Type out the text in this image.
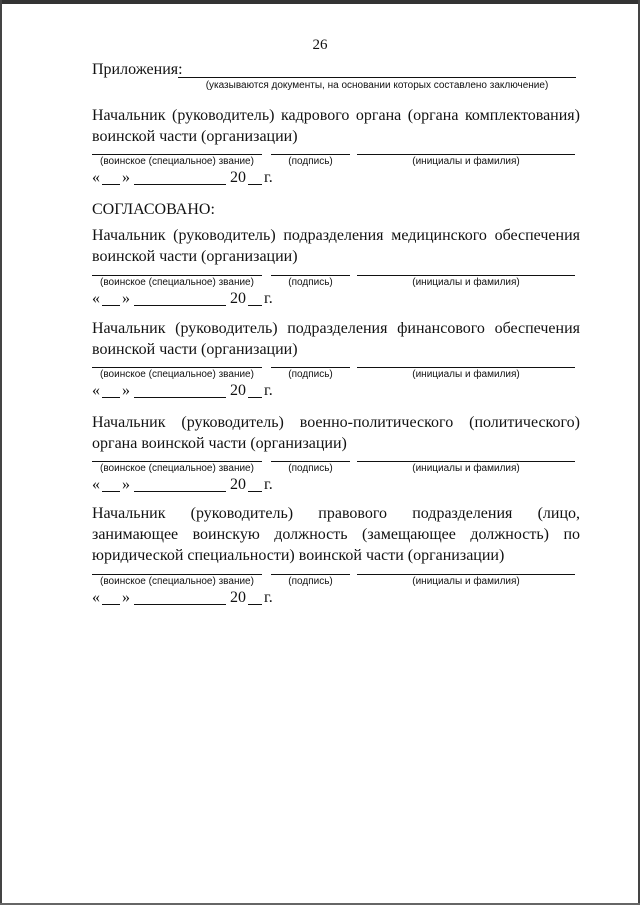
26
Приложения:
(указываются документы, на основании которых составлено заключение)
Начальник (руководитель) кадрового органа (органа комплектования) воинской части (организации)
(воинское (специальное) звание)	(подпись)	(инициалы и фамилия)
« »	20 г.
СОГЛАСОВАНО:
Начальник (руководитель) подразделения медицинского обеспечения воинской части (организации)
(воинское (специальное) звание)	(подпись)	(инициалы и фамилия)
« »	20 г.
Начальник (руководитель) подразделения финансового обеспечения воинской части (организации)
(воинское (специальное) звание)	(подпись)	(инициалы и фамилия)
« »	20 г.
Начальник (руководитель) военно-политического (политического) органа воинской части (организации)
(воинское (специальное) звание)	(подпись)	(инициалы и фамилия)
« »	20 г.
Начальник (руководитель) правового подразделения (лицо, занимающее воинскую должность (замещающее должность) по юридической специальности) воинской части (организации)
(воинское (специальное) звание)	(подпись)	(инициалы и фамилия)
« »	20 г.
